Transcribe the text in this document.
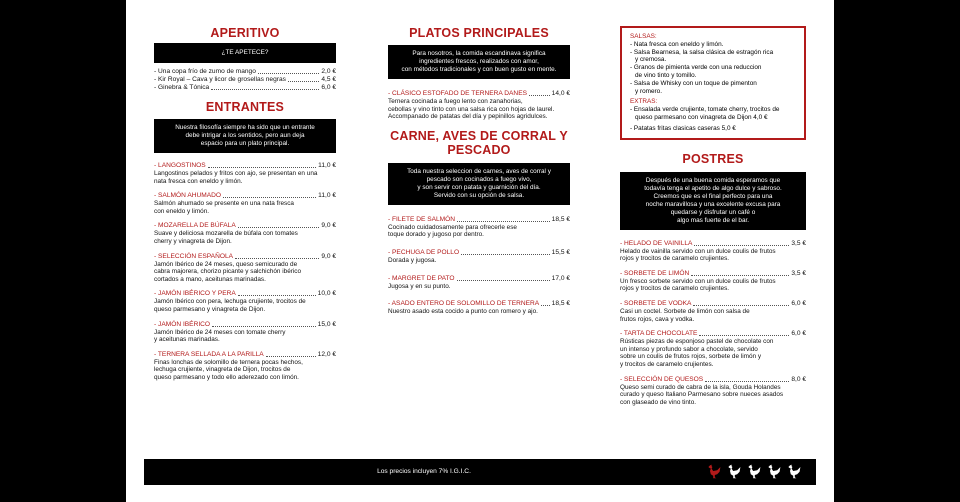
APERITIVO
¿TE APETECE?
- Una copa frío de zumo de mango	2,0 €
- Kir Royal – Cava y licor de grosellas negras	4,5 €
- Ginebra & Tónica	6,0 €
ENTRANTES
Nuestra filosofía siempre ha sido que un entrante
debe intrigar a los sentidos, pero aun deja
espacio para un plato principal.
- LANGOSTINOS	11,0 €
Langostinos pelados y fritos con ajo, se presentan en una
nata fresca con eneldo y limón.
- SALMÓN AHUMADO	11,0 €
Salmón ahumado se presente en una nata fresca
con eneldo y limón.
- MOZARELLA DE BÚFALA	9,0 €
Suave y deliciosa mozarella de búfala con tomates
cherry y vinagreta de Dijon.
- SELECCIÓN ESPAÑOLA	9,0 €
Jamón Ibérico de 24 meses, queso semicurado de
cabra majorera, chorizo picante y salchichón ibérico
cortados a mano, aceitunas marinadas.
- JAMÓN IBÉRICO Y PERA	10,0 €
Jamón Ibérico con pera, lechuga crujiente, trocitos de
queso parmesano y vinagreta de Dijon.
- JAMÓN IBÉRICO	15,0 €
Jamón Ibérico de 24 meses con tomate cherry
y aceitunas marinadas.
- TERNERA SELLADA A LA PARILLA	12,0 €
Finas lonchas de solomillo de ternera pocas hechos,
lechuga crujiente, vinagreta de Dijon, trocitos de
queso parmesano y todo ello aderezado con limón.
PLATOS PRINCIPALES
Para nosotros, la comida escandinava significa
ingredientes frescos, realizados con amor,
con métodos tradicionales y con buen gusto en mente.
- CLÁSICO ESTOFADO DE TERNERA DANES	14,0 €
Ternera cocinada a fuego lento con zanahorias,
cebollas y vino tinto con una salsa rica con hojas de laurel.
Accompanado de patatas del día y pepinillos agridulces.
CARNE, AVES DE CORRAL Y
PESCADO
Toda nuestra seleccion de carnes, aves de corral y
pescado son cocinados a fuego vivo,
y son servir con patata y guarnición del día.
Servido con su opción de salsa.
- FILETE DE SALMÓN	18,5 €
Cocinado cuidadosamente para ofrecerle ese
toque dorado y jugoso por dentro.
- PECHUGA DE POLLO	15,5 €
Dorada y jugosa.
- MARGRET DE PATO	17,0 €
Jugosa y en su punto.
- ASADO ENTERO DE SOLOMILLO DE TERNERA 18,5 €
Nuestro asado esta cocido a punto con romero y ajo.
SALSAS:
- Nata fresca con eneldo y limón.
- Salsa Bearnesa, la salsa clásica de estragón rica
y cremosa.
- Granos de pimienta verde con una reduccion
de vino tinto y tomillo.
- Salsa de Whisky con un toque de pimenton
y romero.
EXTRAS:
- Ensalada verde crujiente, tomate cherry, trocitos de
queso parmesano con vinagreta de Dijon 4,0 €
- Patatas fritas clasicas caseras 5,0 €
POSTRES
Después de una buena comida esperamos que
todavía tenga el apetito de algo dulce y sabroso.
Creemos que es el final perfecto para una
noche maravillosa y una excelente excusa para
quedarse y disfrutar un café o
algo mas fuerte de el bar.
- HELADO DE VAINILLA	3,5 €
Helado de vainilla servido con un dulce coulis de frutos
rojos y trocitos de caramelo crujientes.
- SORBETE DE LIMÓN	3,5 €
Un fresco sorbete servido con un dulce coulis de frutos
rojos y trocitos de caramelo crujientes.
- SORBETE DE VODKA	6,0 €
Casi un coctel. Sorbete de limón con salsa de
frutos rojos, cava y vodka.
- TARTA DE CHOCOLATE	6,0 €
Rústicas piezas de esponjoso pastel de chocolate con
un intenso y profundo sabor a chocolate, servido
sobre un coulis de frutos rojos, sorbete de limón y
y trocitos de caramelo crujientes.
- SELECCIÓN DE QUESOS	8,0 €
Queso semi curado de cabra de la isla, Gouda Holandes
curado y queso Italiano Parmesano sobre nueces asados
con glaseado de vino tinto.
Los precios incluyen 7% I.G.I.C.
